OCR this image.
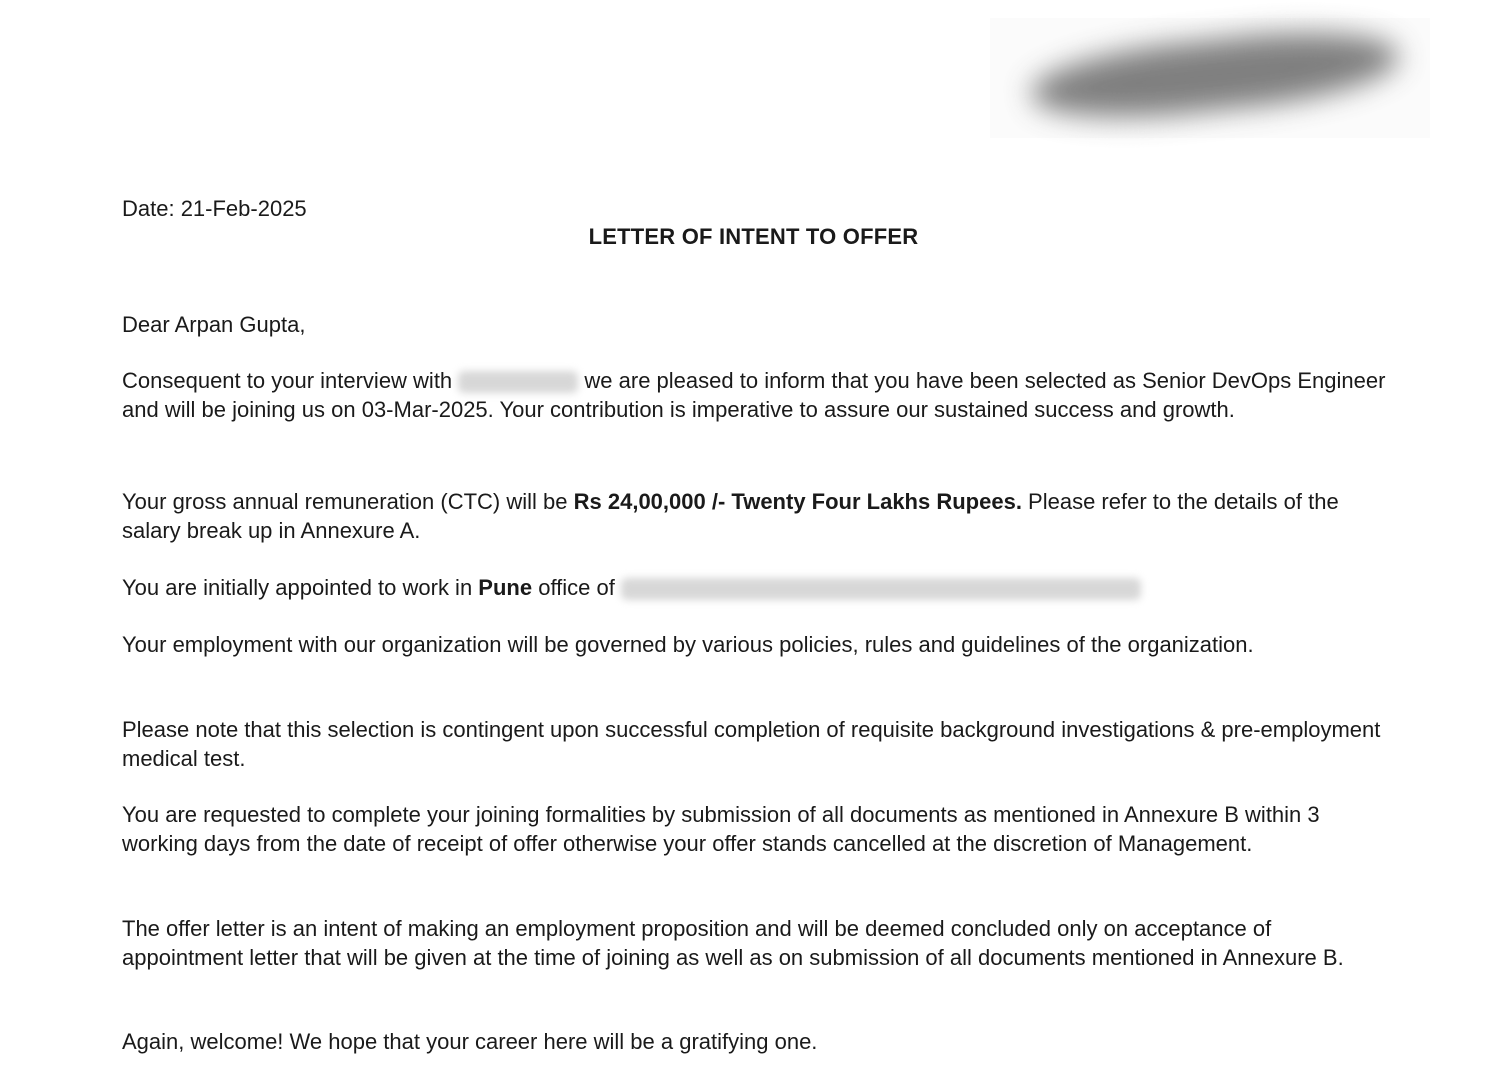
Date: 21-Feb-2025
LETTER OF INTENT TO OFFER

Dear Arpan Gupta,

Consequent to your interview with	we are pleased to inform that you have been selected as Senior DevOps Engineer and will be joining us on 03-Mar-2025. Your contribution is imperative to assure our sustained success and growth.

Your gross annual remuneration (CTC) will be Rs 24,00,000 /- Twenty Four Lakhs Rupees. Please refer to the details of the salary break up in Annexure A.

You are initially appointed to work in Pune office of

Your employment with our organization will be governed by various policies, rules and guidelines of the organization.

Please note that this selection is contingent upon successful completion of requisite background investigations & pre-employment medical test.

You are requested to complete your joining formalities by submission of all documents as mentioned in Annexure B within 3 working days from the date of receipt of offer otherwise your offer stands cancelled at the discretion of Management.

The offer letter is an intent of making an employment proposition and will be deemed concluded only on acceptance of appointment letter that will be given at the time of joining as well as on submission of all documents mentioned in Annexure B.

Again, welcome! We hope that your career here will be a gratifying one.
